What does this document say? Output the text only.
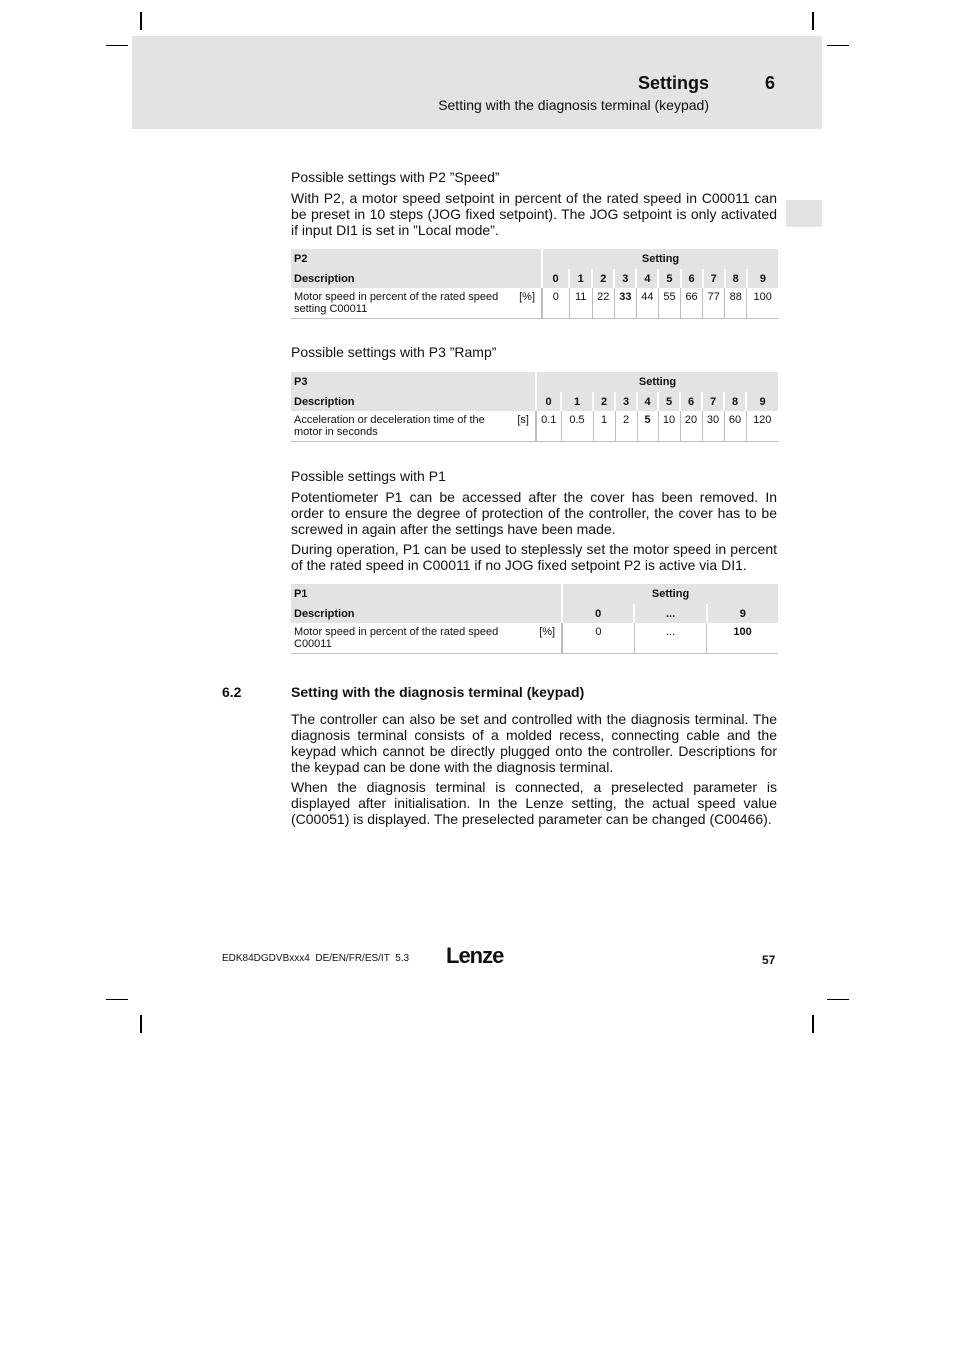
Settings	6
Setting with the diagnosis terminal (keypad)
Possible settings with P2 ”Speed”
With P2, a motor speed setpoint in percent of the rated speed in C00011 can be preset in 10 steps (JOG fixed setpoint). The JOG setpoint is only activated if input DI1 is set in ”Local mode”.
P2		Setting									
Description		0	1	2	3	4	5	6	7	8	9
Motor speed in percent of the rated speed setting C00011	[%]	0	11	22	33	44	55	66	77	88	100
Possible settings with P3 ”Ramp”
P3		Setting									
Description		0	1	2	3	4	5	6	7	8	9
Acceleration or deceleration time of the motor in seconds	[s]	0.1	0.5	1	2	5	10	20	30	60	120
Possible settings with P1
Potentiometer P1 can be accessed after the cover has been removed. In order to ensure the degree of protection of the controller, the cover has to be screwed in again after the settings have been made.
During operation, P1 can be used to steplessly set the motor speed in percent of the rated speed in C00011 if no JOG fixed setpoint P2 is active via DI1.
P1		Setting		
Description		0	...	9
Motor speed in percent of the rated speed C00011	[%]	0	...	100
6.2	Setting with the diagnosis terminal (keypad)
The controller can also be set and controlled with the diagnosis terminal. The diagnosis terminal consists of a molded recess, connecting cable and the keypad which cannot be directly plugged onto the controller. Descriptions for the keypad can be done with the diagnosis terminal.
When the diagnosis terminal is connected, a preselected parameter is displayed after initialisation. In the Lenze setting, the actual speed value (C00051) is displayed. The preselected parameter can be changed (C00466).
EDK84DGDVBxxx4  DE/EN/FR/ES/IT  5.3 Lenze	57
